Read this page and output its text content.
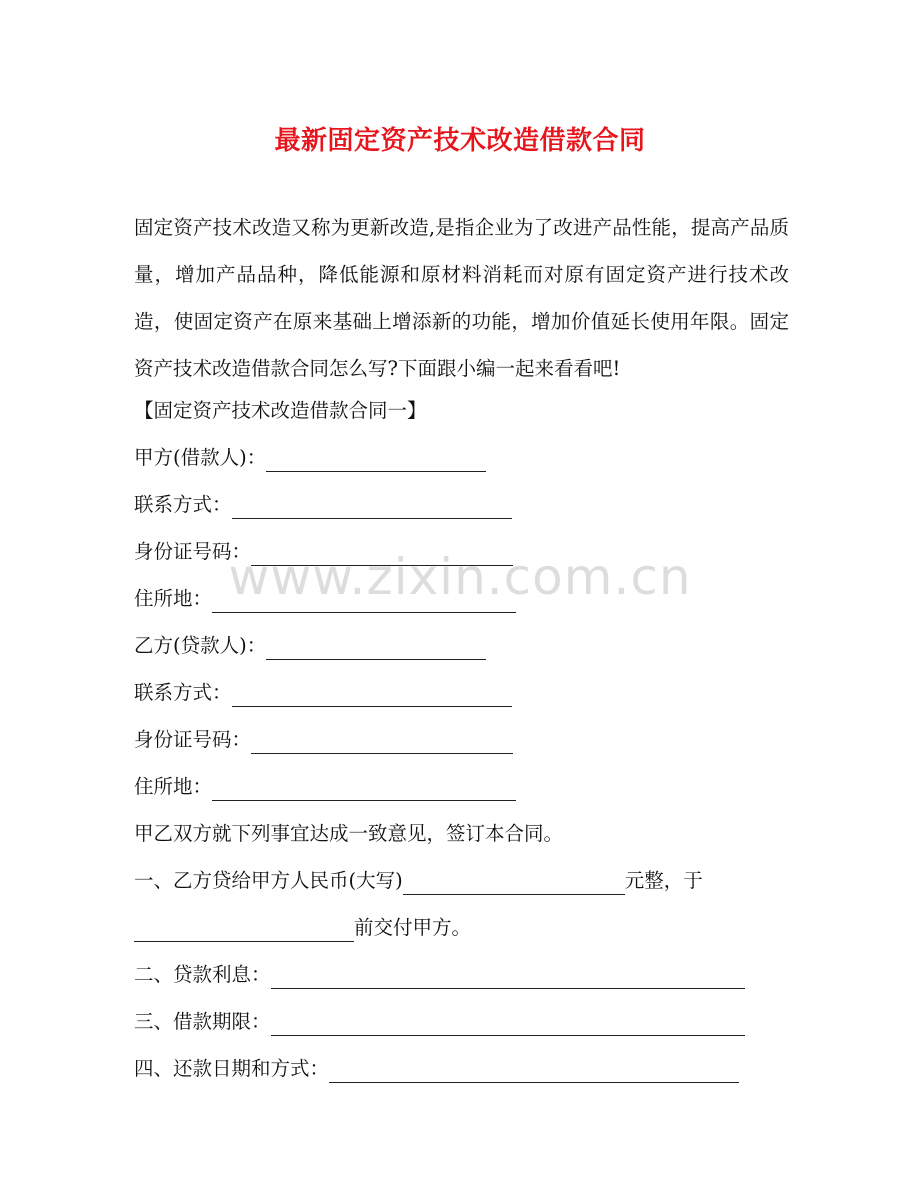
最新固定资产技术改造借款合同
固定资产技术改造又称为更新改造,是指企业为了改进产品性能，提高产品质量，增加产品品种，降低能源和原材料消耗而对原有固定资产进行技术改造，使固定资产在原来基础上增添新的功能，增加价值延长使用年限。固定资产技术改造借款合同怎么写?下面跟小编一起来看看吧!
【固定资产技术改造借款合同一】
甲方(借款人)：
联系方式：
身份证号码：
住所地：
乙方(贷款人)：
联系方式：
身份证号码：
住所地：
甲乙双方就下列事宜达成一致意见，签订本合同。
一、乙方贷给甲方人民币(大写)	元整，于
前交付甲方。
二、贷款利息：
三、借款期限：
四、还款日期和方式：
www.zixin.com.cn
